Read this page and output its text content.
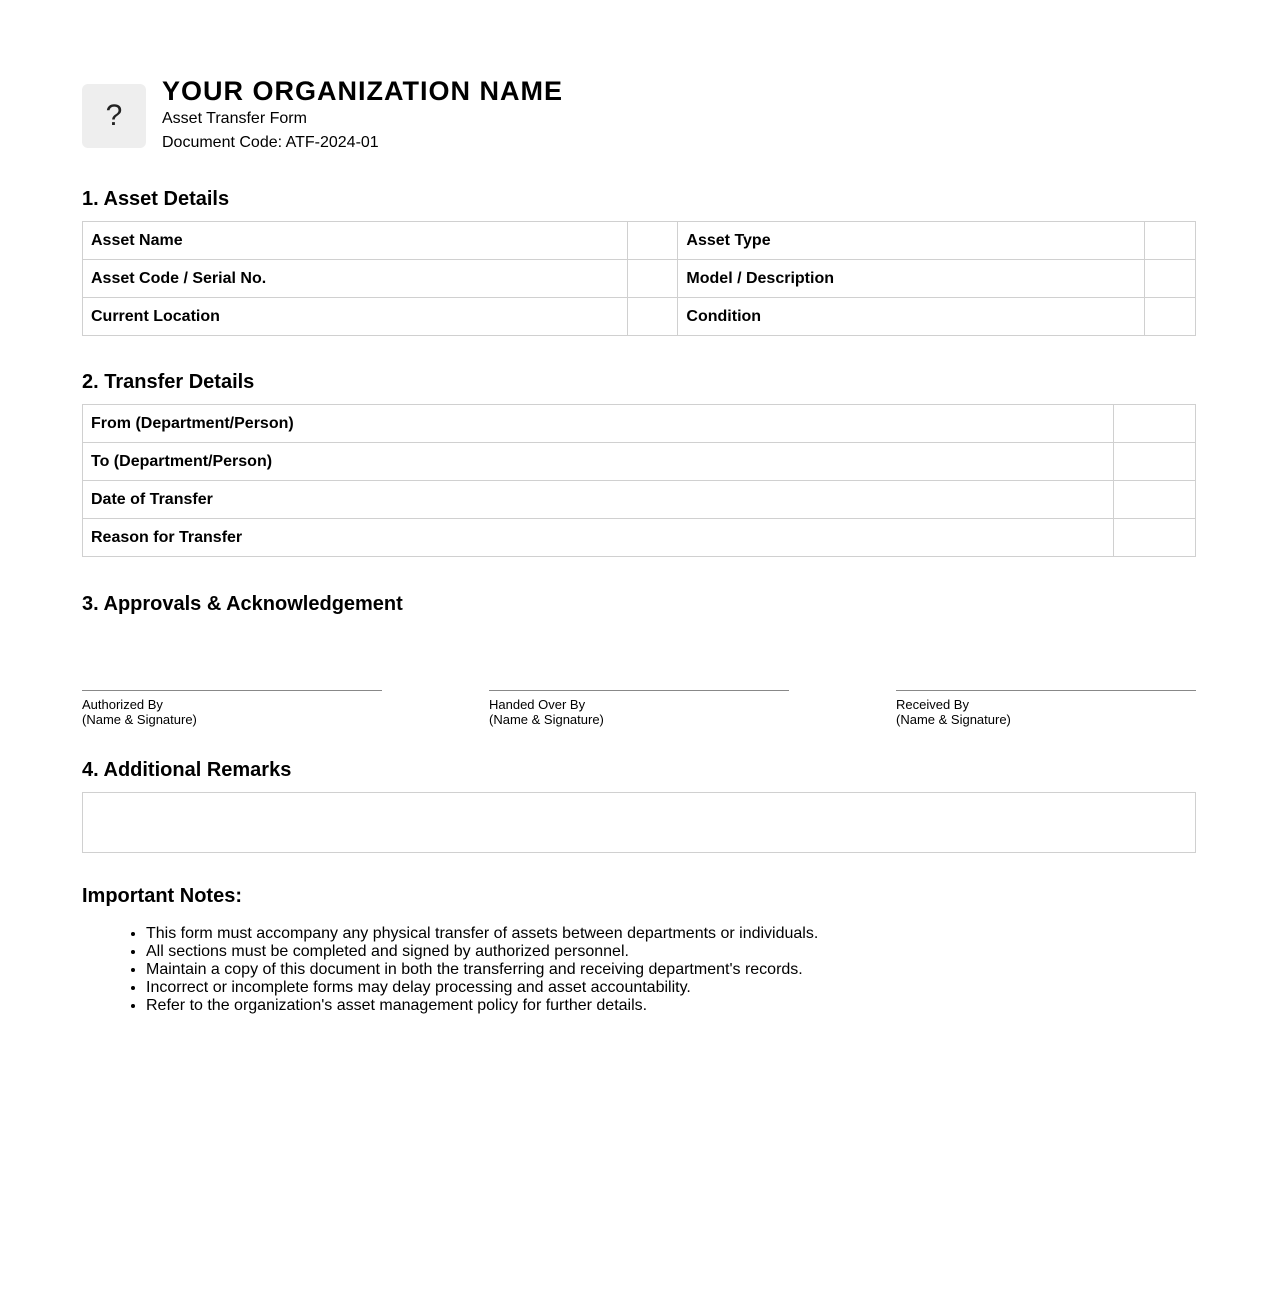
?
YOUR ORGANIZATION NAME
Asset Transfer Form
Document Code: ATF-2024-01
1. Asset Details
Asset Name		Asset Type	
Asset Code / Serial No.		Model / Description	
Current Location		Condition	
2. Transfer Details
From (Department/Person)	
To (Department/Person)	
Date of Transfer	
Reason for Transfer	
3. Approvals & Acknowledgement
Authorized By
(Name & Signature)
Handed Over By
(Name & Signature)
Received By
(Name & Signature)
4. Additional Remarks
Important Notes:
• This form must accompany any physical transfer of assets between departments or individuals.
• All sections must be completed and signed by authorized personnel.
• Maintain a copy of this document in both the transferring and receiving department's records.
• Incorrect or incomplete forms may delay processing and asset accountability.
• Refer to the organization's asset management policy for further details.
